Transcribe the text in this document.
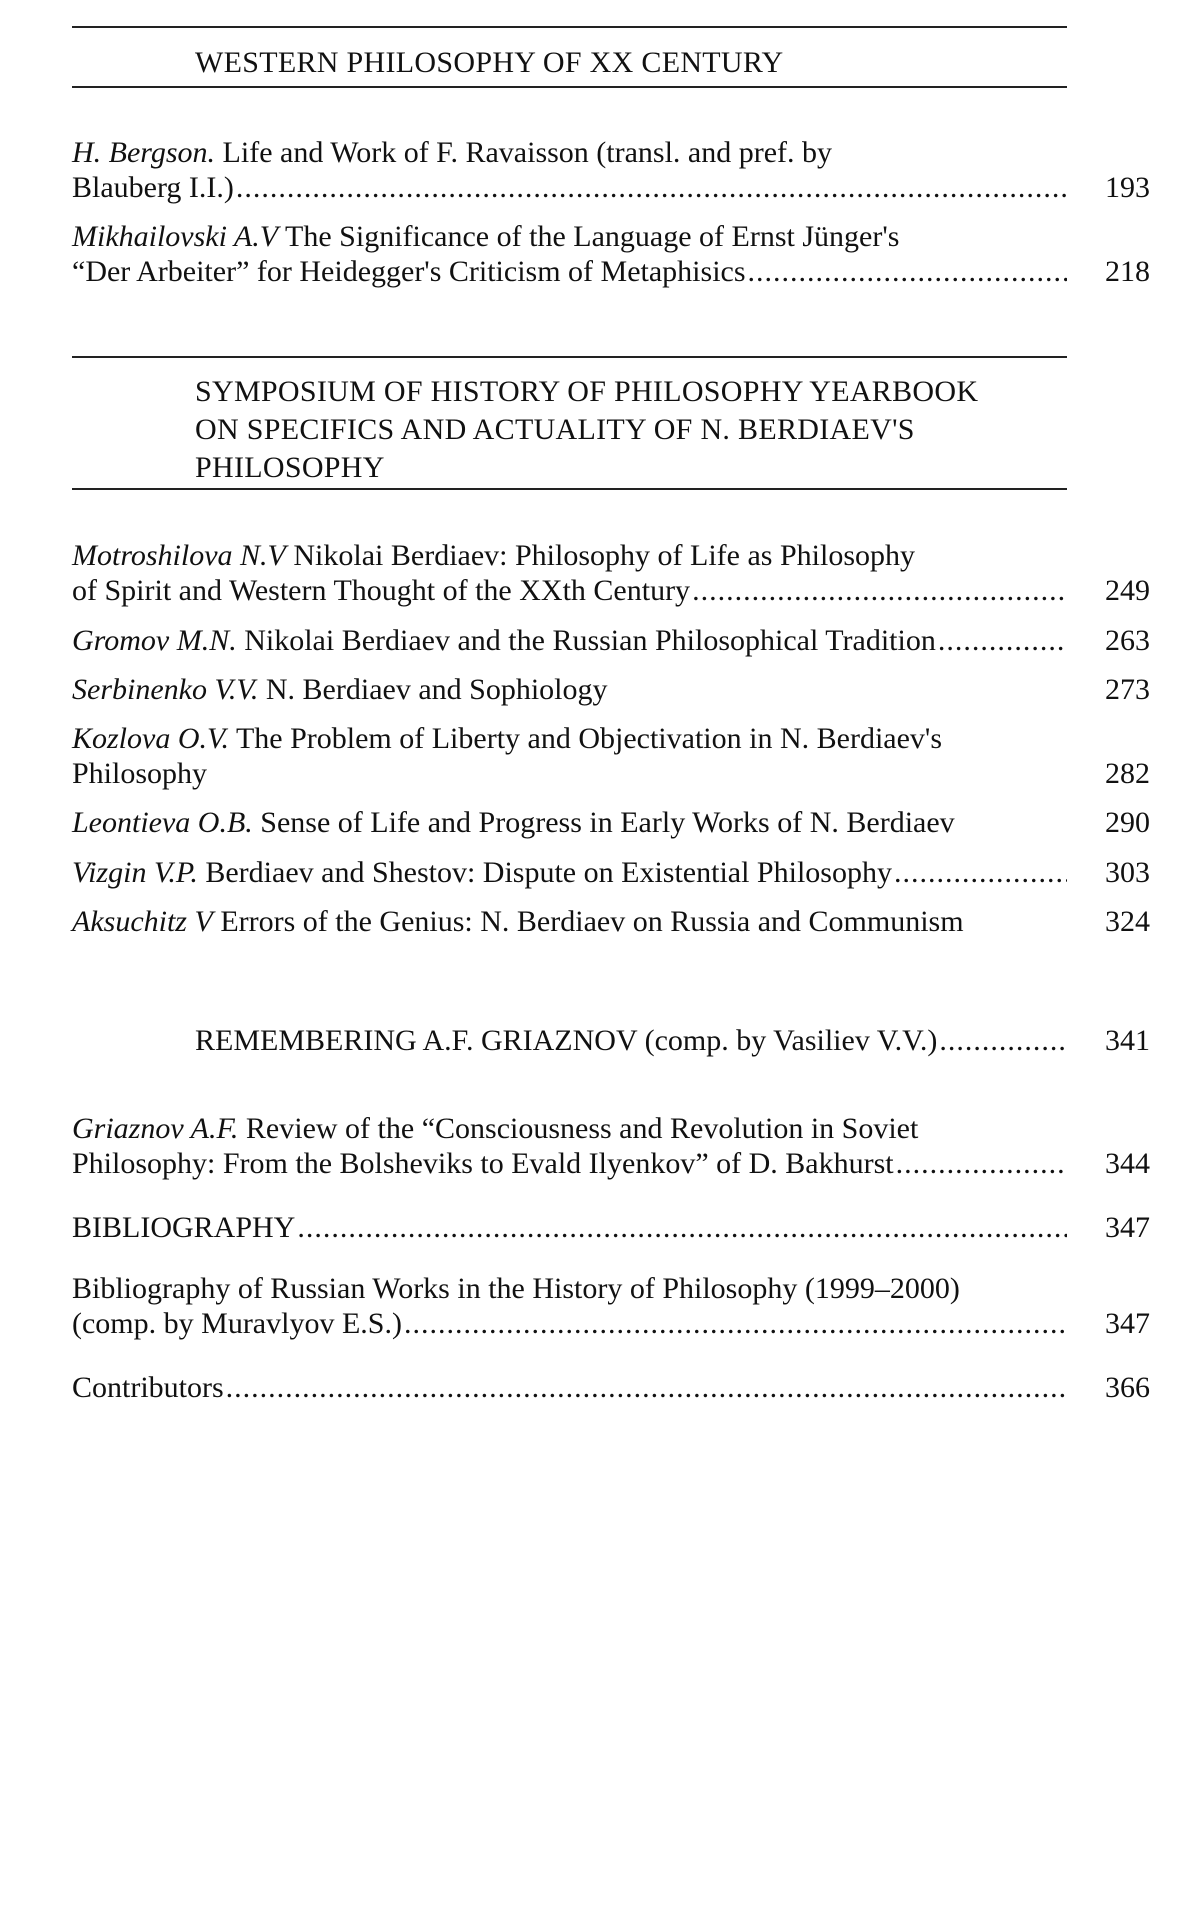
WESTERN PHILOSOPHY OF XX CENTURY
H. Bergson. Life and Work of F. Ravaisson (transl. and pref. by
Blauberg I.I.) .....	193
Mikhailovski A.V The Significance of the Language of Ernst Jünger's
“Der Arbeiter” for Heidegger's Criticism of Metaphisics .....	218
SYMPOSIUM OF HISTORY OF PHILOSOPHY YEARBOOK
ON SPECIFICS AND ACTUALITY OF N. BERDIAEV'S
PHILOSOPHY
Motroshilova N.V Nikolai Berdiaev: Philosophy of Life as Philosophy
of Spirit and Western Thought of the XXth Century .....	249
Gromov M.N. Nikolai Berdiaev and the Russian Philosophical Tradition .....	263
Serbinenko V.V. N. Berdiaev and Sophiology	273
Kozlova O.V. The Problem of Liberty and Objectivation in N. Berdiaev's
Philosophy	282
Leontieva O.B. Sense of Life and Progress in Early Works of N. Berdiaev	290
Vizgin V.P. Berdiaev and Shestov: Dispute on Existential Philosophy .....	303
Aksuchitz V Errors of the Genius: N. Berdiaev on Russia and Communism	324
REMEMBERING A.F. GRIAZNOV (comp. by Vasiliev V.V.) .....	341
Griaznov A.F. Review of the “Consciousness and Revolution in Soviet
Philosophy: From the Bolsheviks to Evald Ilyenkov” of D. Bakhurst .....	344
BIBLIOGRAPHY .....	347
Bibliography of Russian Works in the History of Philosophy (1999–2000)
(comp. by Muravlyov E.S.) .....	347
Contributors .....	366
